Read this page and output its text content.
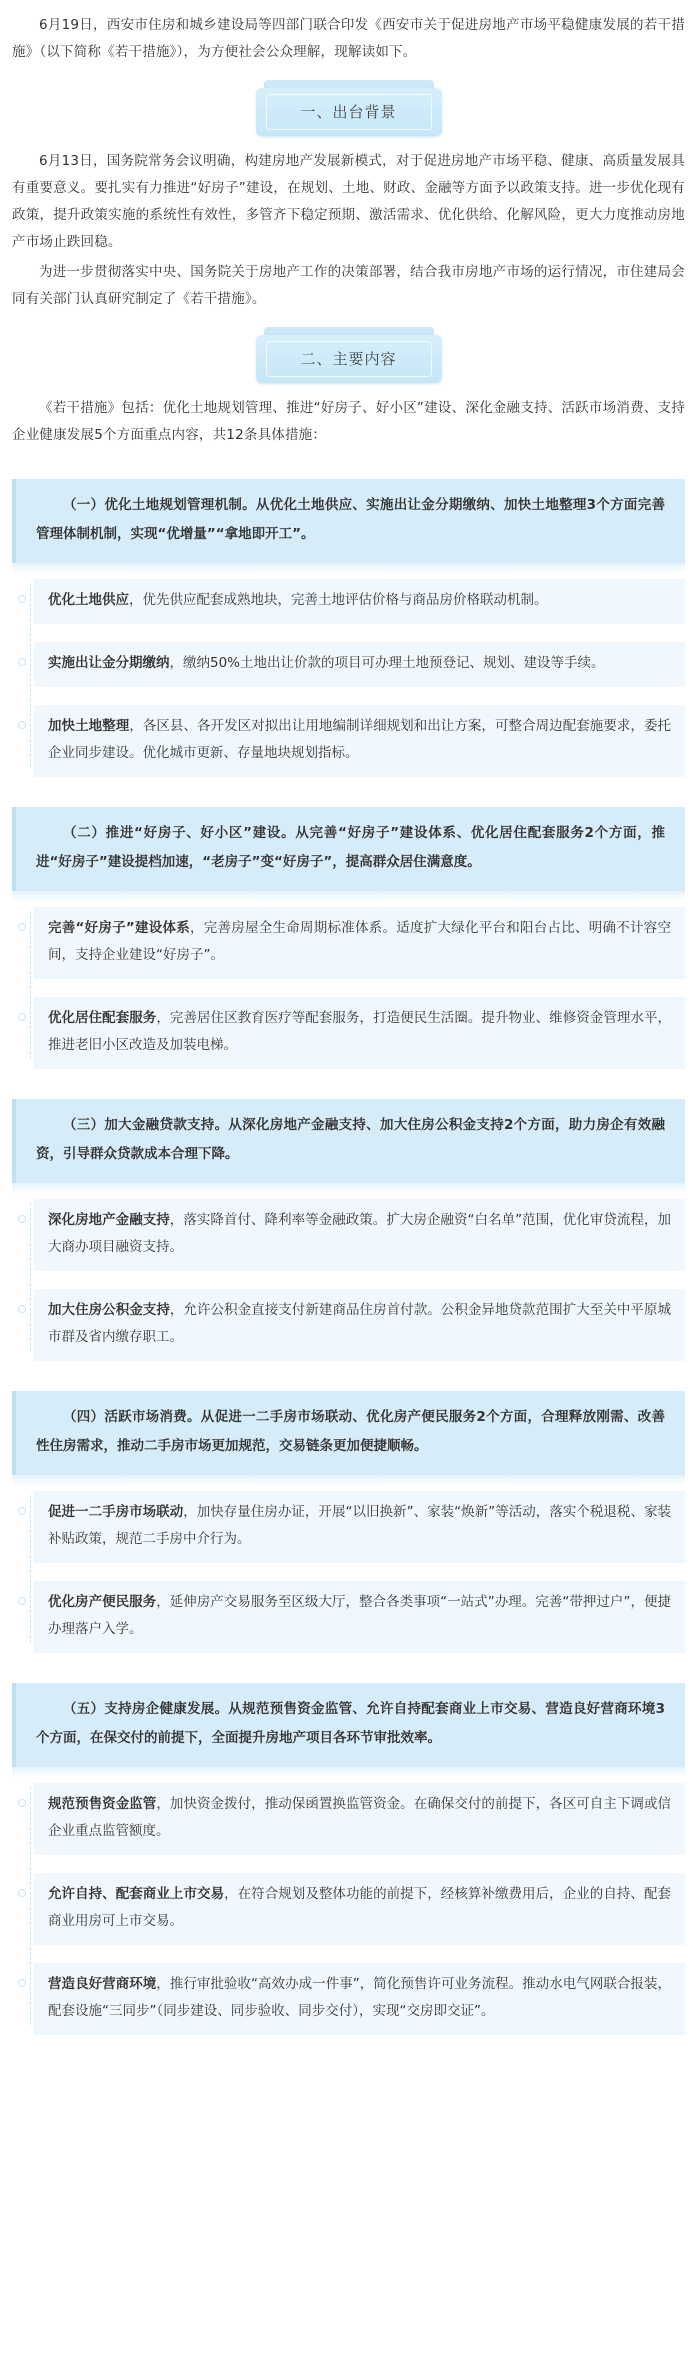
6月19日，西安市住房和城乡建设局等四部门联合印发《西安市关于促进房地产市场平稳健康发展的若干措施》（以下简称《若干措施》），为方便社会公众理解，现解读如下。

一、出台背景

6月13日，国务院常务会议明确，构建房地产发展新模式，对于促进房地产市场平稳、健康、高质量发展具有重要意义。要扎实有力推进“好房子”建设，在规划、土地、财政、金融等方面予以政策支持。进一步优化现有政策，提升政策实施的系统性有效性，多管齐下稳定预期、激活需求、优化供给、化解风险，更大力度推动房地产市场止跌回稳。

为进一步贯彻落实中央、国务院关于房地产工作的决策部署，结合我市房地产市场的运行情况，市住建局会同有关部门认真研究制定了《若干措施》。

二、主要内容

《若干措施》包括：优化土地规划管理、推进“好房子、好小区”建设、深化金融支持、活跃市场消费、支持企业健康发展5个方面重点内容，共12条具体措施：

（一）优化土地规划管理机制。从优化土地供应、实施出让金分期缴纳、加快土地整理3个方面完善管理体制机制，实现“优增量”“拿地即开工”。
优化土地供应，优先供应配套成熟地块，完善土地评估价格与商品房价格联动机制。
实施出让金分期缴纳，缴纳50%土地出让价款的项目可办理土地预登记、规划、建设等手续。
加快土地整理，各区县、各开发区对拟出让用地编制详细规划和出让方案，可整合周边配套施要求，委托企业同步建设。优化城市更新、存量地块规划指标。
（二）推进“好房子、好小区”建设。从完善“好房子”建设体系、优化居住配套服务2个方面，推进“好房子”建设提档加速，“老房子”变“好房子”，提高群众居住满意度。
完善“好房子”建设体系，完善房屋全生命周期标准体系。适度扩大绿化平台和阳台占比、明确不计容空间，支持企业建设“好房子”。
优化居住配套服务，完善居住区教育医疗等配套服务，打造便民生活圈。提升物业、维修资金管理水平，推进老旧小区改造及加装电梯。
（三）加大金融贷款支持。从深化房地产金融支持、加大住房公积金支持2个方面，助力房企有效融资，引导群众贷款成本合理下降。
深化房地产金融支持，落实降首付、降利率等金融政策。扩大房企融资“白名单”范围，优化审贷流程，加大商办项目融资支持。
加大住房公积金支持，允许公积金直接支付新建商品住房首付款。公积金异地贷款范围扩大至关中平原城市群及省内缴存职工。
（四）活跃市场消费。从促进一二手房市场联动、优化房产便民服务2个方面，合理释放刚需、改善性住房需求，推动二手房市场更加规范，交易链条更加便捷顺畅。
促进一二手房市场联动，加快存量住房办证，开展“以旧换新”、家装“焕新”等活动，落实个税退税、家装补贴政策，规范二手房中介行为。
优化房产便民服务，延伸房产交易服务至区级大厅，整合各类事项“一站式”办理。完善“带押过户”，便捷办理落户入学。
（五）支持房企健康发展。从规范预售资金监管、允许自持配套商业上市交易、营造良好营商环境3个方面，在保交付的前提下，全面提升房地产项目各环节审批效率。
规范预售资金监管，加快资金拨付，推动保函置换监管资金。在确保交付的前提下，各区可自主下调或信企业重点监管额度。
允许自持、配套商业上市交易，在符合规划及整体功能的前提下，经核算补缴费用后，企业的自持、配套商业用房可上市交易。
营造良好营商环境，推行审批验收“高效办成一件事”，简化预售许可业务流程。推动水电气网联合报装，配套设施“三同步”（同步建设、同步验收、同步交付），实现“交房即交证”。
